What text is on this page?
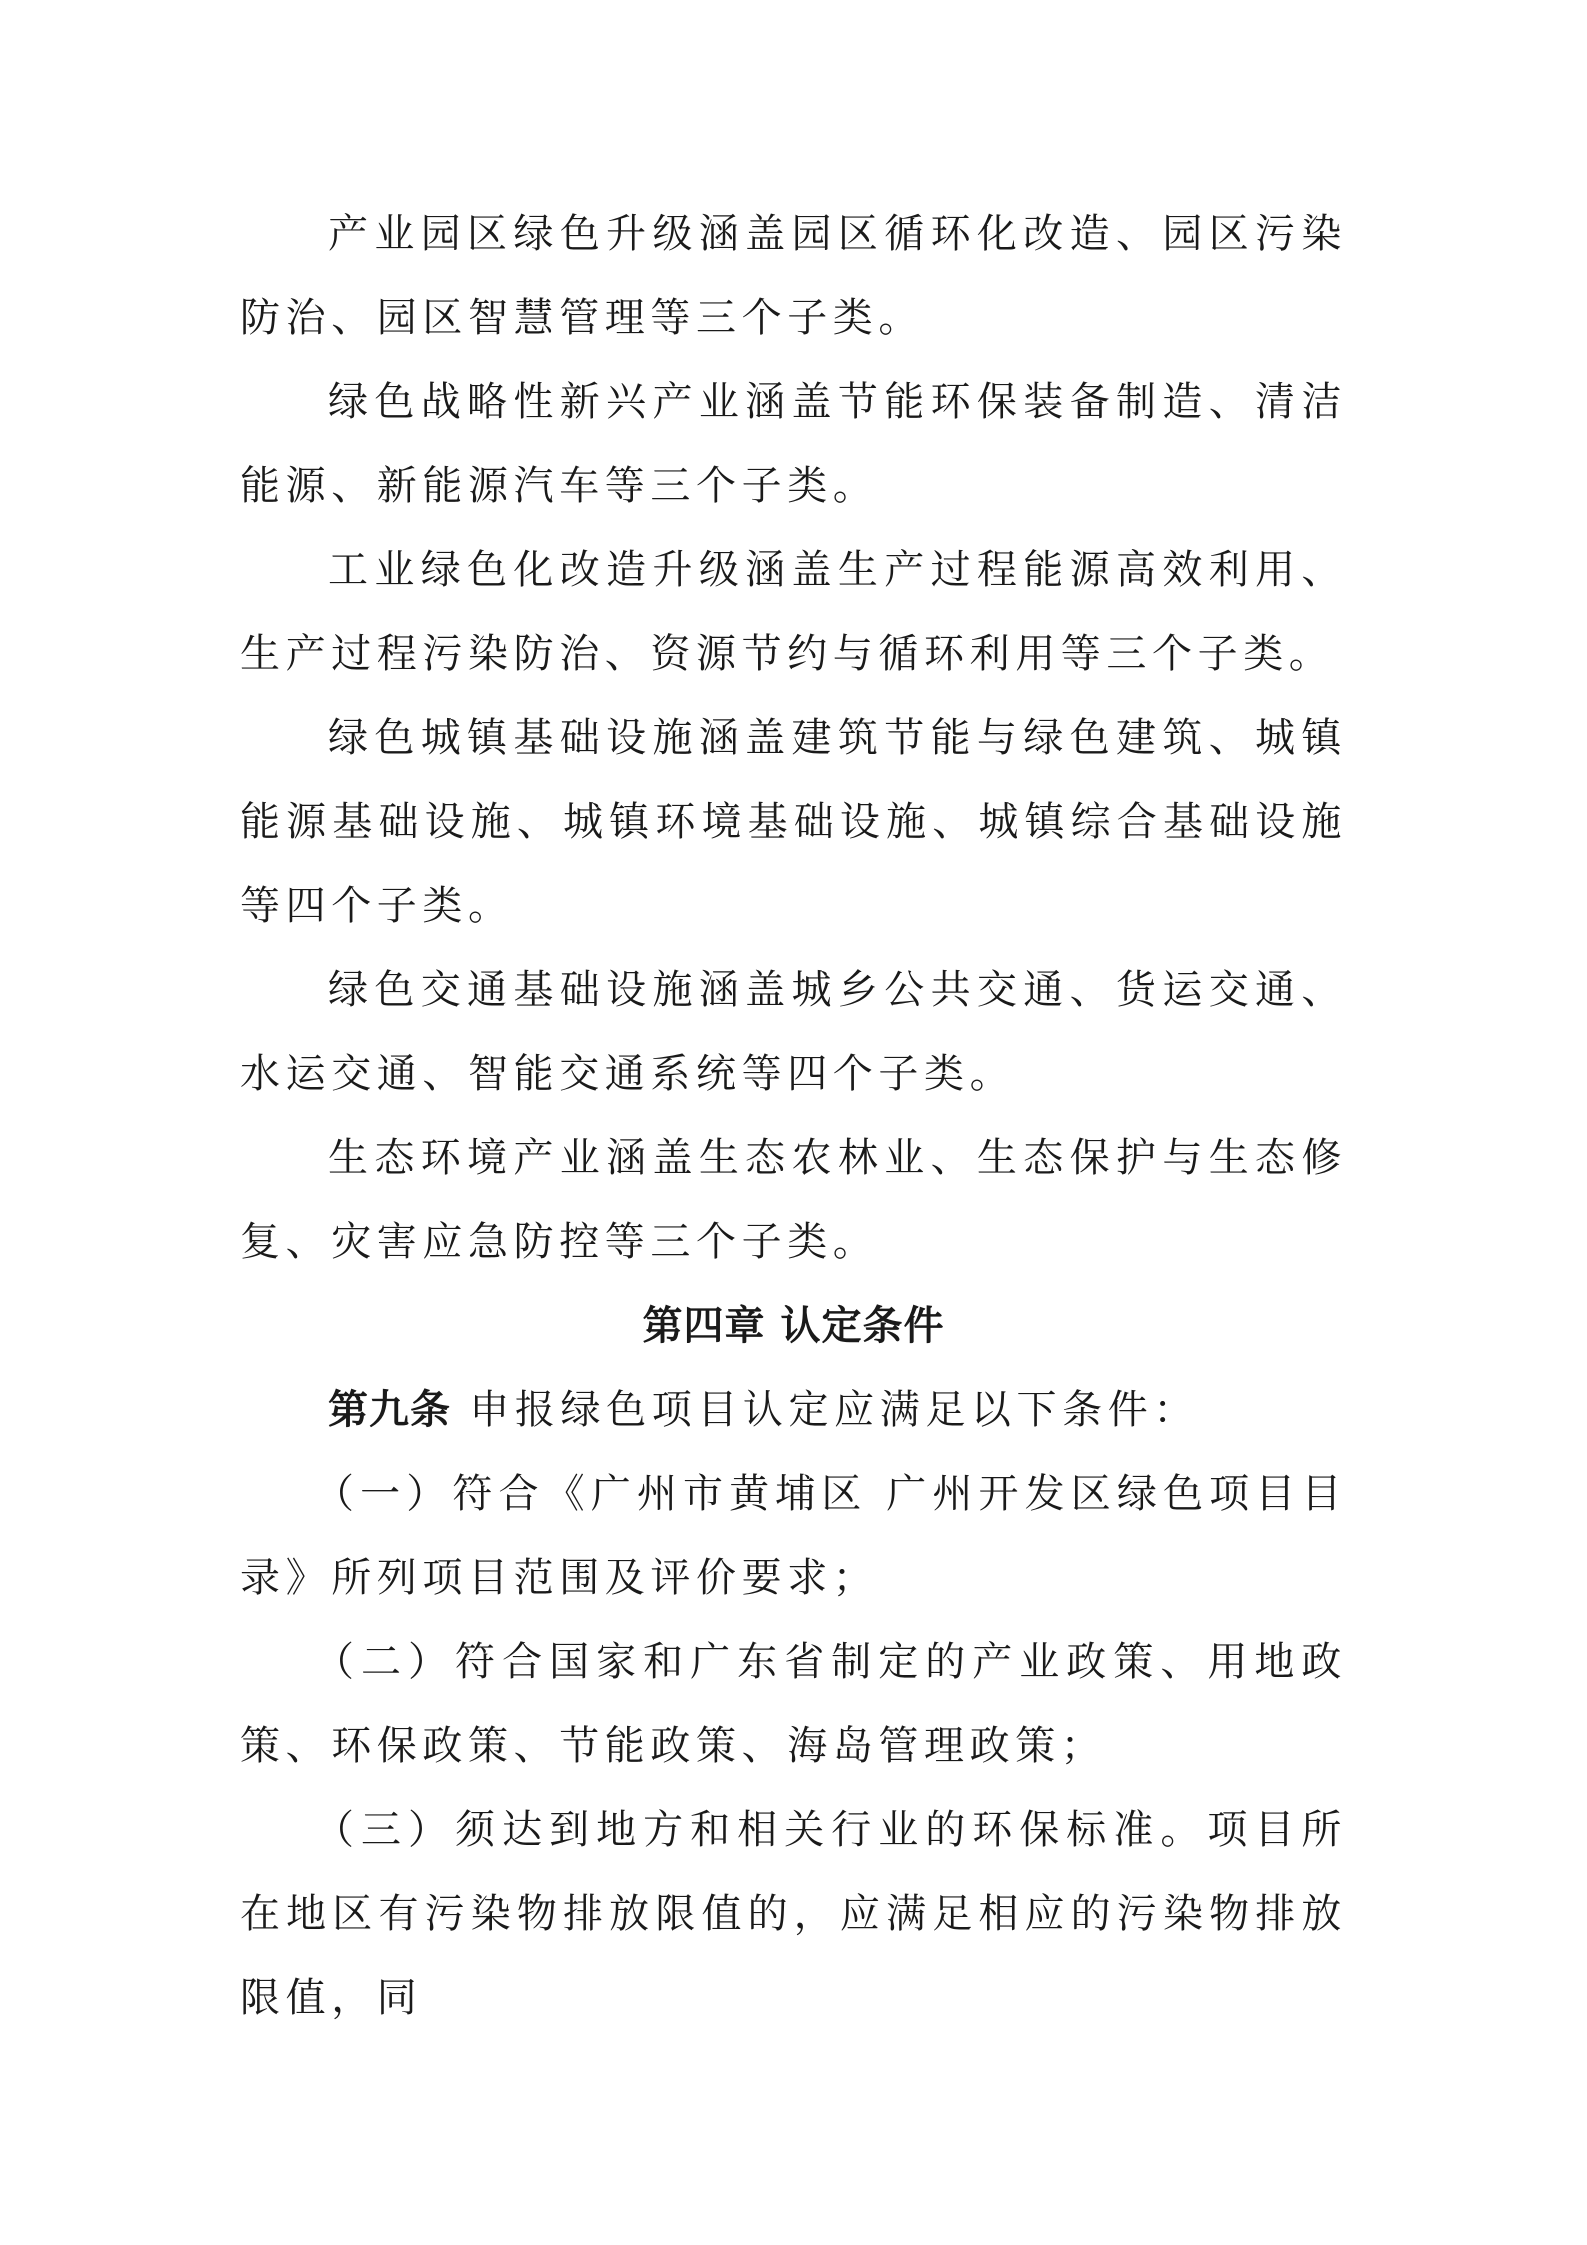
产业园区绿色升级涵盖园区循环化改造、园区污染防治、园区智慧管理等三个子类。

绿色战略性新兴产业涵盖节能环保装备制造、清洁能源、新能源汽车等三个子类。

工业绿色化改造升级涵盖生产过程能源高效利用、生产过程污染防治、资源节约与循环利用等三个子类。

绿色城镇基础设施涵盖建筑节能与绿色建筑、城镇能源基础设施、城镇环境基础设施、城镇综合基础设施等四个子类。

绿色交通基础设施涵盖城乡公共交通、货运交通、水运交通、智能交通系统等四个子类。

生态环境产业涵盖生态农林业、生态保护与生态修复、灾害应急防控等三个子类。

第四章 认定条件

第九条 申报绿色项目认定应满足以下条件：

（一）符合《广州市黄埔区 广州开发区绿色项目目录》所列项目范围及评价要求；

（二）符合国家和广东省制定的产业政策、用地政策、环保政策、节能政策、海岛管理政策；

（三）须达到地方和相关行业的环保标准。项目所在地区有污染物排放限值的，应满足相应的污染物排放限值，同
